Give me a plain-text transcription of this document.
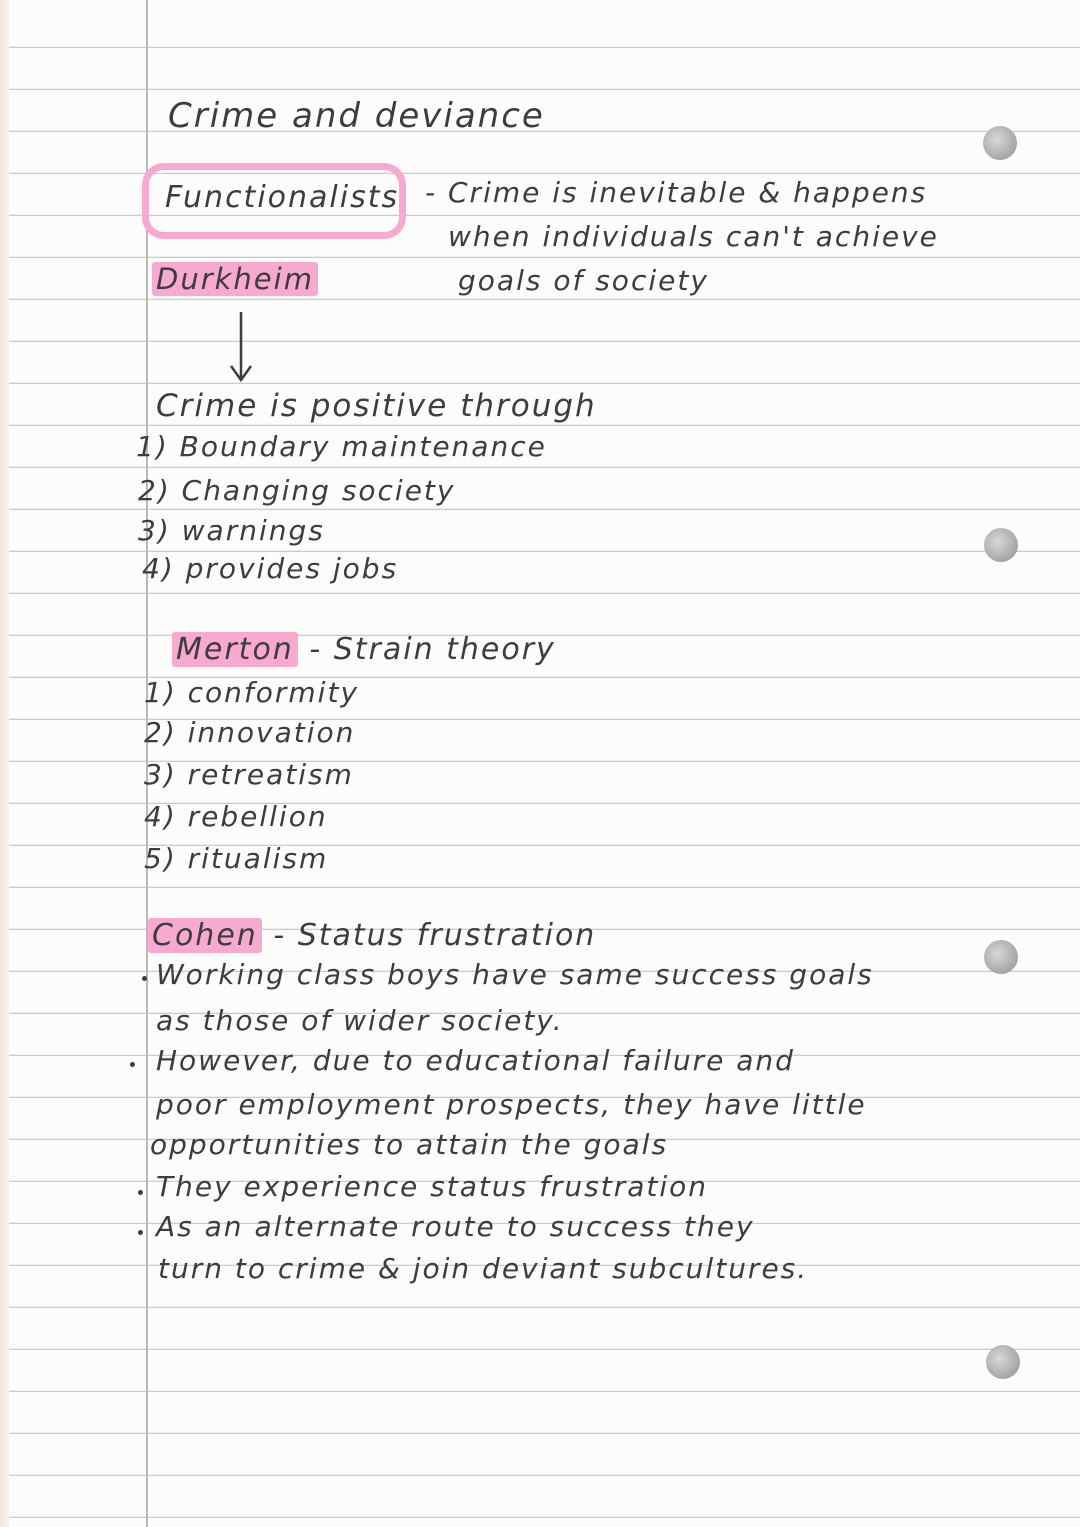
Crime and deviance
Functionalists - Crime is inevitable & happens
when individuals can't achieve
goals of society
Durkheim
Crime is positive through
1) Boundary maintenance
2) Changing society
3) warnings
4) provides jobs
Merton - Strain theory
1) conformity
2) innovation
3) retreatism
4) rebellion
5) ritualism
Cohen - Status frustration
Working class boys have same success goals
as those of wider society.
However, due to educational failure and
poor employment prospects, they have little
opportunities to attain the goals
They experience status frustration
As an alternate route to success they
turn to crime & join deviant subcultures.
